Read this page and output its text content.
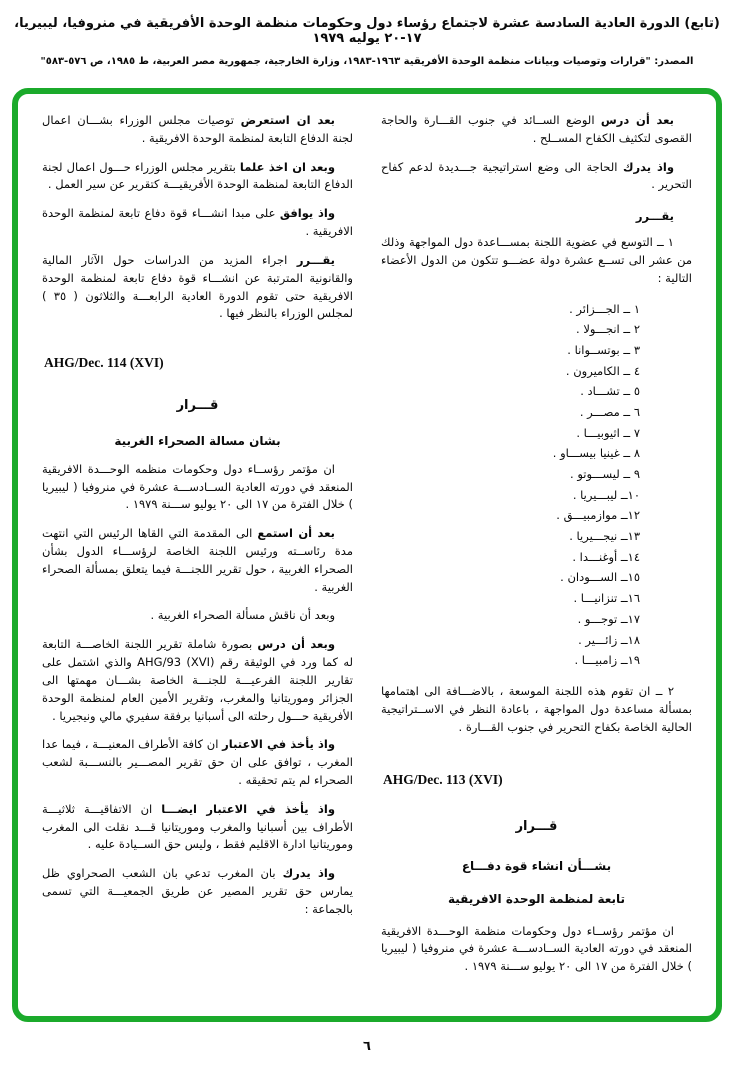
(تابع) الدورة العادية السادسة عشرة لاجتماع رؤساء دول وحكومات منظمة الوحدة الأفريقية في منروفيا، ليبيريا، ١٧-٢٠ يوليه ١٩٧٩
المصدر: "قرارات وتوصيات وبيانات منظمة الوحدة الأفريقية ١٩٦٣-١٩٨٣، وزارة الخارجية، جمهورية مصر العربية، ط ١٩٨٥، ص ٥٧٦-٥٨٣"

بعد أن درس الوضع الســائد في جنوب القـــارة والحاجة القصوى لتكثيف الكفاح المســلح .

واذ يدرك الحاجة الى وضع استراتيجية جـــديدة لدعم كفاح التحرير .

يقـــرر

١ ــ التوسع في عضوية اللجنة بمســـاعدة دول المواجهة وذلك من عشر الى تســع عشرة دولة عضـــو تتكون من الدول الأعضاء التالية :

١ ــ الجـــزائر .
٢ ــ انجـــولا .
٣ ــ بوتســوانا .
٤ ــ الكاميرون .
٥ ــ تشـــاد .
٦ ــ مصـــر .
٧ ــ اثيوبيـــا .
٨ ــ غينيا بيســـاو .
٩ ــ ليســـوتو .
١٠ــ ليبـــيريا .
١٢ــ موازمبيـــق .
١٣ــ نيجـــيريا .
١٤ــ أوغنـــدا .
١٥ــ الســـودان .
١٦ــ تنزانيـــا .
١٧ــ توجـــو .
١٨ــ زائـــير .
١٩ــ زامبيـــا .

٢ ــ ان تقوم هذه اللجنة الموسعة ، بالاضـــافة الى اهتمامها بمسألة مساعدة دول المواجهة ، باعادة النظر في الاســتراتيجية الحالية الخاصة بكفاح التحرير في جنوب القـــارة .

AHG/Dec. 113 (XVI)

قـــرار

بشـــأن انشاء قوة دفـــاع

تابعة لمنظمة الوحدة الافريقية

ان مؤتمر رؤســاء دول وحكومات منظمة الوحـــدة الافريقية المنعقد في دورته العادية الســادســـة عشرة في منروفيا ( ليبيريا ) خلال الفترة من ١٧ الى ٢٠ يوليو ســـنة ١٩٧٩ .

بعد ان استعرض توصيات مجلس الوزراء بشـــان اعمال لجنة الدفاع التابعة لمنظمة الوحدة الافريقية .

وبعد ان اخذ علما بتقرير مجلس الوزراء حـــول اعمال لجنة الدفاع التابعة لمنظمة الوحدة الأفريقيـــة كتقرير عن سير العمل .

واذ يوافق على مبدا انشـــاء قوة دفاع تابعة لمنظمة الوحدة الافريقية .

يقـــرر اجراء المزيد من الدراسات حول الآثار المالية والقانونية المترتبة عن انشـــاء قوة دفاع تابعة لمنظمة الوحدة الافريقية حتى تقوم الدورة العادية الرابعـــة والثلاثون ( ٣٥ ) لمجلس الوزراء بالنظر فيها .

AHG/Dec. 114 (XVI)

قـــرار

بشان مسالة الصحراء الغربية

ان مؤتمر رؤســاء دول وحكومات منظمه الوحـــدة الافريقية المنعقد في دورته العادية الســادســـة عشرة في منروفيا ( ليبيريا ) خلال الفترة من ١٧ الى ٢٠ يوليو ســـنة ١٩٧٩ .

بعد أن استمع الى المقدمة التي القاها الرئيس التي انتهت مدة رئاســته ورئيس اللجنة الخاصة لرؤســـاء الدول بشأن الصحراء الغربية ، حول تقرير اللجنـــة فيما يتعلق بمسألة الصحراء الغربية .

وبعد أن ناقش مسألة الصحراء الغربية .

وبعد أن درس بصورة شاملة تقرير اللجنة الخاصـــة التابعة له كما ورد في الوثيقة رقم AHG/93 (XVI) والذي اشتمل على تقارير اللجنة الفرعيـــة للجنـــة الخاصة بشـــان مهمتها الى الجزائر وموريتانيا والمغرب، وتقرير الأمين العام لمنظمة الوحدة الأفريقية حـــول رحلته الى أسبانيا برفقة سفيري مالي ونيجيريا .

واذ يأخذ في الاعتبار ان كافة الأطراف المعنيـــة ، فيما عدا المغرب ، توافق على ان حق تقرير المصـــير بالنســـبة لشعب الصحراء لم يتم تحقيقه .

واذ يأخذ في الاعتبار ايضـــا ان الاتفاقيـــة ثلاثيـــة الأطراف بين أسبانيا والمغرب وموريتانيا قـــد نقلت الى المغرب وموريتانيا ادارة الاقليم فقط ، وليس حق الســيادة عليه .

واذ يدرك بان المغرب تدعي بان الشعب الصحراوي ظل يمارس حق تقرير المصير عن طريق الجمعيـــة التي تسمى بالجماعة :

٦
